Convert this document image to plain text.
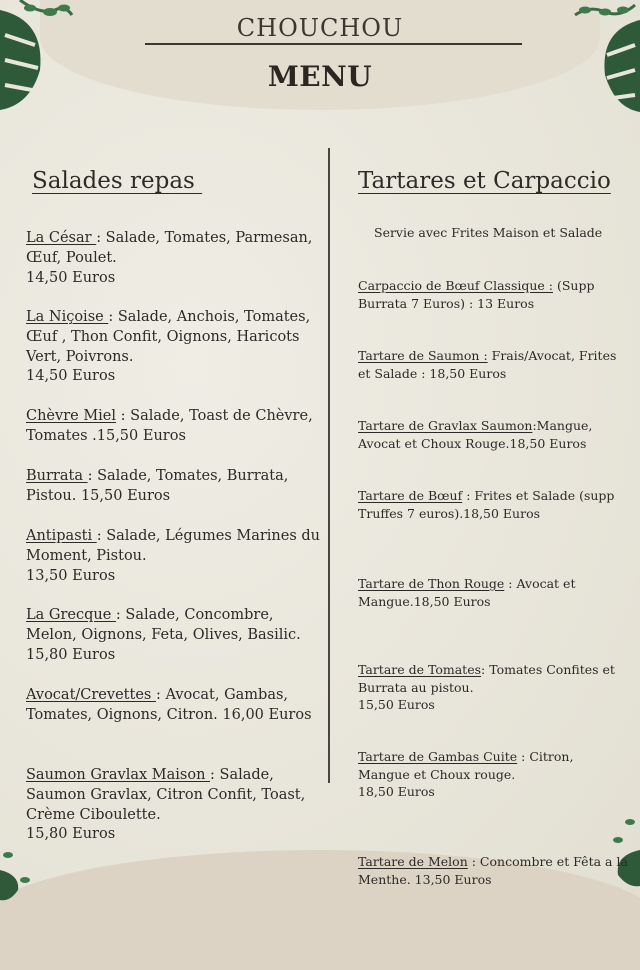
CHOUCHOU
MENU
Salades repas
La César : Salade, Tomates, Parmesan, Œuf, Poulet.
14,50 Euros
La Niçoise : Salade, Anchois, Tomates, Œuf , Thon Confit, Oignons, Haricots Vert, Poivrons.
14,50 Euros
Chèvre Miel : Salade, Toast de Chèvre, Tomates .15,50 Euros
Burrata : Salade, Tomates, Burrata, Pistou. 15,50 Euros
Antipasti : Salade, Légumes Marines du Moment, Pistou.
13,50 Euros
La Grecque : Salade, Concombre, Melon, Oignons, Feta, Olives, Basilic. 15,80 Euros
Avocat/Crevettes : Avocat, Gambas, Tomates, Oignons, Citron. 16,00 Euros
Saumon Gravlax Maison : Salade, Saumon Gravlax, Citron Confit, Toast, Crème Ciboulette.
15,80 Euros
Tartares et Carpaccio
Servie avec Frites Maison et Salade
Carpaccio de Bœuf Classique : (Supp Burrata 7 Euros) : 13 Euros
Tartare de Saumon : Frais/Avocat, Frites et Salade : 18,50 Euros
Tartare de Gravlax Saumon:Mangue, Avocat et Choux Rouge.18,50 Euros
Tartare de Bœuf : Frites et Salade (supp Truffes 7 euros).18,50 Euros
Tartare de Thon Rouge : Avocat et Mangue.18,50 Euros
Tartare de Tomates: Tomates Confites et Burrata au pistou.
15,50 Euros
Tartare de Gambas Cuite : Citron, Mangue et Choux rouge.
18,50 Euros
Tartare de Melon : Concombre et Fêta a la Menthe. 13,50 Euros
